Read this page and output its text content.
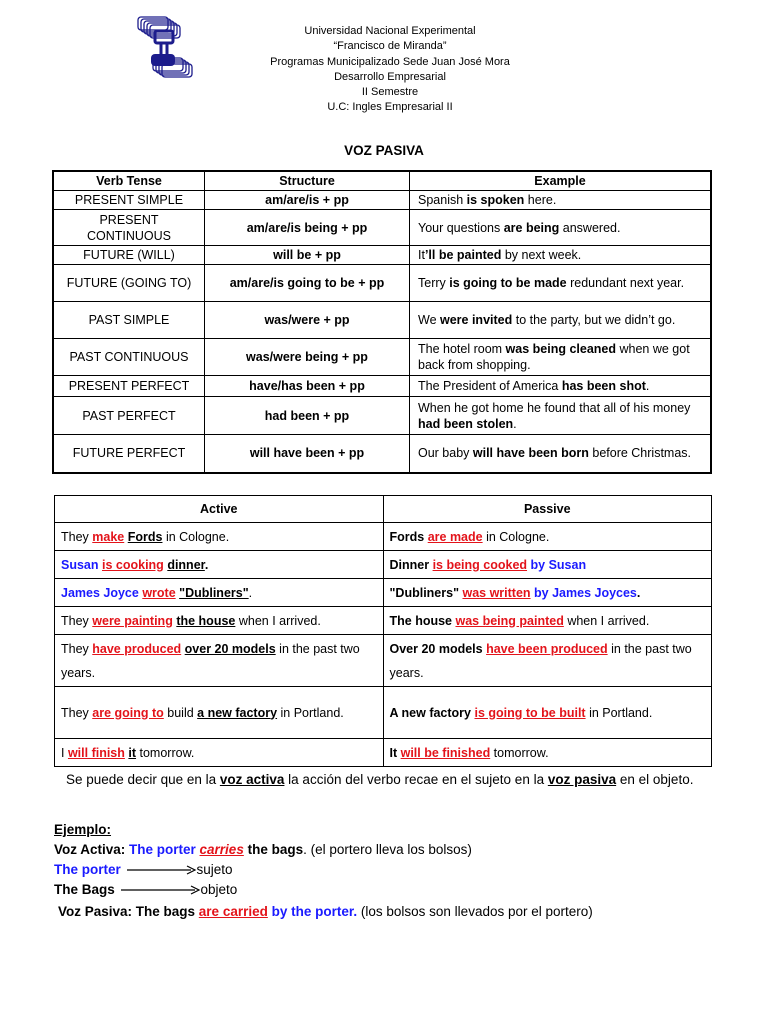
Universidad Nacional Experimental
“Francisco de Miranda”
Programas Municipalizado Sede Juan José Mora
Desarrollo Empresarial
II Semestre
U.C: Ingles Empresarial II
VOZ PASIVA
Verb Tense	Structure	Example
PRESENT SIMPLE	am/are/is + pp	Spanish is spoken here.
PRESENT CONTINUOUS	am/are/is being + pp	Your questions are being answered.
FUTURE (WILL)	will be + pp	It’ll be painted by next week.
FUTURE (GOING TO)	am/are/is going to be + pp	Terry is going to be made redundant next year.
PAST SIMPLE	was/were + pp	We were invited to the party, but we didn’t go.
PAST CONTINUOUS	was/were being + pp	The hotel room was being cleaned when we got back from shopping.
PRESENT PERFECT	have/has been + pp	The President of America has been shot.
PAST PERFECT	had been + pp	When he got home he found that all of his money had been stolen.
FUTURE PERFECT	will have been + pp	Our baby will have been born before Christmas.
Active	Passive
They make Fords in Cologne.	Fords are made in Cologne.
Susan is cooking dinner.	Dinner is being cooked by Susan
James Joyce wrote "Dubliners".	"Dubliners" was written by James Joyces.
They were painting the house when I arrived.	The house was being painted when I arrived.
They have produced over 20 models in the past two years.	Over 20 models have been produced in the past two years.
They are going to build a new factory in Portland.	A new factory is going to be built in Portland.
I will finish it tomorrow.	It will be finished tomorrow.
Se puede decir que en la voz activa la acción del verbo recae en el sujeto en la voz pasiva en el objeto.
Ejemplo:
Voz Activa: The porter carries the bags. (el portero lleva los bolsos)
The porter	sujeto
The Bags	objeto
Voz Pasiva: The bags are carried by the porter. (los bolsos son llevados por el portero)
